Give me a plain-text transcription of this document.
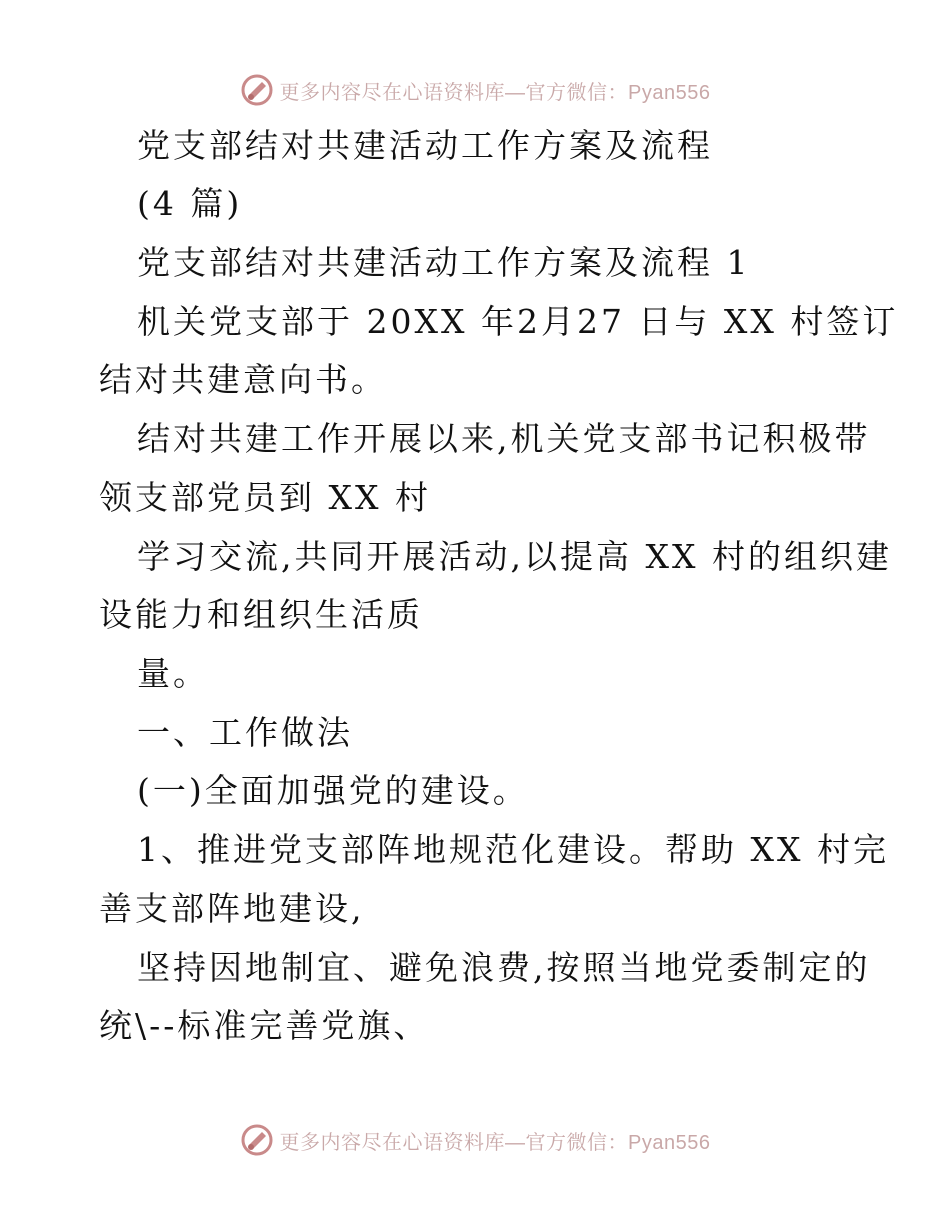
更多内容尽在心语资料库—官方微信：Pyan556
党支部结对共建活动工作方案及流程
(4 篇)
党支部结对共建活动工作方案及流程 1
机关党支部于 20XX 年2月27 日与 XX 村签订
结对共建意向书。
结对共建工作开展以来,机关党支部书记积极带
领支部党员到 XX 村
学习交流,共同开展活动,以提高 XX 村的组织建
设能力和组织生活质
量。
一、工作做法
(一)全面加强党的建设。
1、推进党支部阵地规范化建设。帮助 XX 村完
善支部阵地建设,
坚持因地制宜、避免浪费,按照当地党委制定的
统\--标准完善党旗、
更多内容尽在心语资料库—官方微信：Pyan556
